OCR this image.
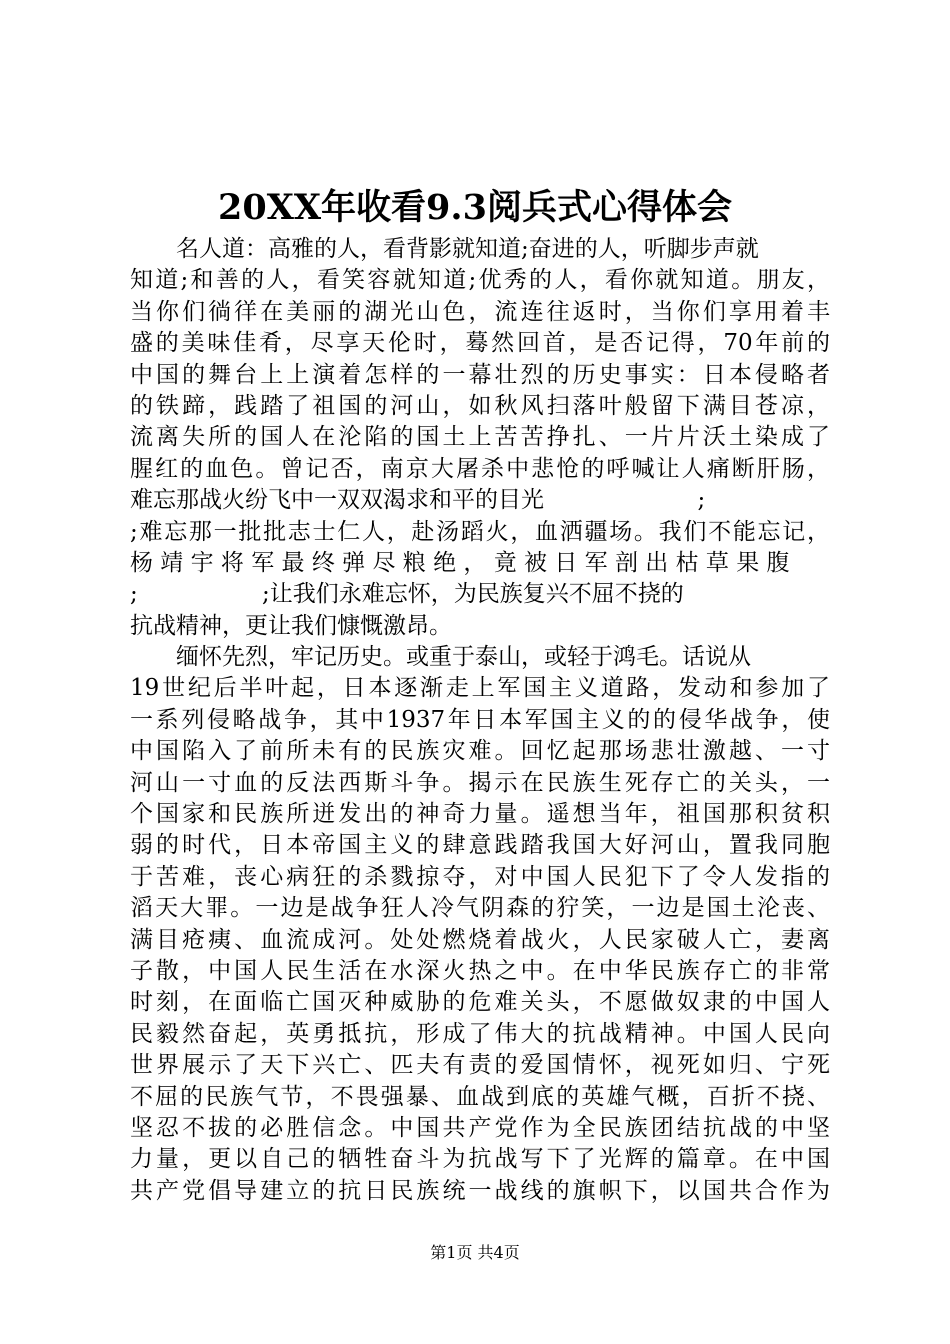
20XX年收看9.3阅兵式心得体会
名人道：高雅的人，看背影就知道;奋进的人，听脚步声就
知道;和善的人，看笑容就知道;优秀的人，看你就知道。朋友，
当你们徜徉在美丽的湖光山色，流连往返时，当你们享用着丰
盛的美味佳肴，尽享天伦时，蓦然回首，是否记得，70年前的
中国的舞台上上演着怎样的一幕壮烈的历史事实：日本侵略者
的铁蹄，践踏了祖国的河山，如秋风扫落叶般留下满目苍凉，
流离失所的国人在沦陷的国土上苦苦挣扎、一片片沃土染成了
腥红的血色。曾记否，南京大屠杀中悲怆的呼喊让人痛断肝肠，
难忘那战火纷飞中一双双渴求和平的目光                     ;
;难忘那一批批志士仁人，赴汤蹈火，血洒疆场。我们不能忘记，
杨 靖 宇 将 军 最 终 弹 尽 粮 绝 ， 竟 被 日 军 剖 出 枯 草 果 腹
;                 ;让我们永难忘怀，为民族复兴不屈不挠的
抗战精神，更让我们慷慨激昂。
缅怀先烈，牢记历史。或重于泰山，或轻于鸿毛。话说从
19世纪后半叶起，日本逐渐走上军国主义道路，发动和参加了
一系列侵略战争，其中1937年日本军国主义的的侵华战争，使
中国陷入了前所未有的民族灾难。回忆起那场悲壮激越、一寸
河山一寸血的反法西斯斗争。揭示在民族生死存亡的关头，一
个国家和民族所迸发出的神奇力量。遥想当年，祖国那积贫积
弱的时代，日本帝国主义的肆意践踏我国大好河山，置我同胞
于苦难，丧心病狂的杀戮掠夺，对中国人民犯下了令人发指的
滔天大罪。一边是战争狂人冷气阴森的狞笑，一边是国土沦丧、
满目疮痍、血流成河。处处燃烧着战火，人民家破人亡，妻离
子散，中国人民生活在水深火热之中。在中华民族存亡的非常
时刻，在面临亡国灭种威胁的危难关头，不愿做奴隶的中国人
民毅然奋起，英勇抵抗，形成了伟大的抗战精神。中国人民向
世界展示了天下兴亡、匹夫有责的爱国情怀，视死如归、宁死
不屈的民族气节，不畏强暴、血战到底的英雄气概，百折不挠、
坚忍不拔的必胜信念。中国共产党作为全民族团结抗战的中坚
力量，更以自己的牺牲奋斗为抗战写下了光辉的篇章。在中国
共产党倡导建立的抗日民族统一战线的旗帜下，以国共合作为
第1页 共4页
